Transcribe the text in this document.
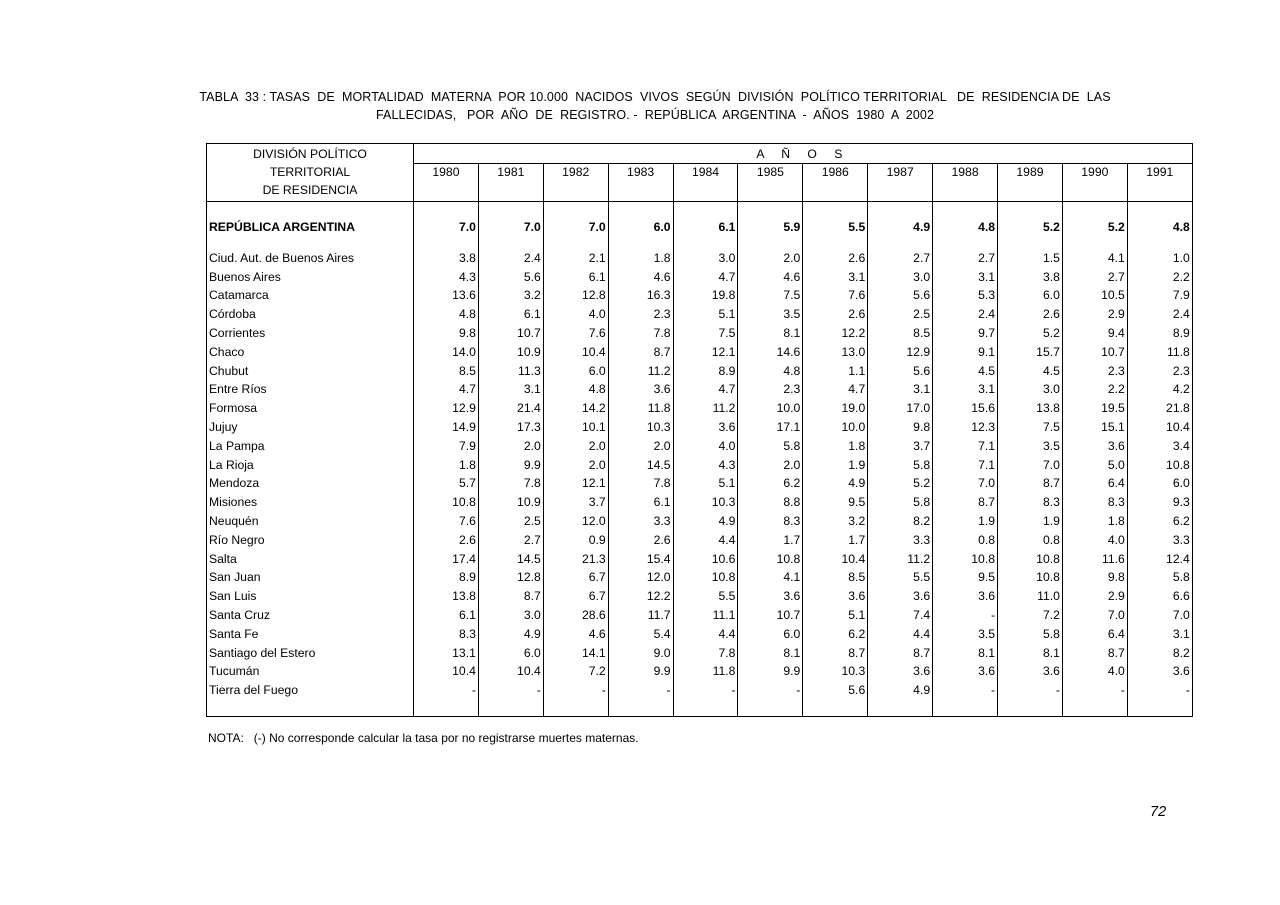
TABLA  33 : TASAS  DE  MORTALIDAD  MATERNA  POR 10.000  NACIDOS  VIVOS  SEGÚN  DIVISIÓN  POLÍTICO TERRITORIAL   DE  RESIDENCIA DE  LAS
FALLECIDAS,   POR  AÑO  DE  REGISTRO. -  REPÚBLICA  ARGENTINA  -  AÑOS  1980  A  2002
DIVISIÓN POLÍTICO
TERRITORIAL
DE RESIDENCIA	A Ñ O S											
	1980	1981	1982	1983	1984	1985	1986	1987	1988	1989	1990	1991
REPÚBLICA ARGENTINA	7.0	7.0	7.0	6.0	6.1	5.9	5.5	4.9	4.8	5.2	5.2	4.8
Ciud. Aut. de Buenos Aires	3.8	2.4	2.1	1.8	3.0	2.0	2.6	2.7	2.7	1.5	4.1	1.0
Buenos Aires	4.3	5.6	6.1	4.6	4.7	4.6	3.1	3.0	3.1	3.8	2.7	2.2
Catamarca	13.6	3.2	12.8	16.3	19.8	7.5	7.6	5.6	5.3	6.0	10.5	7.9
Córdoba	4.8	6.1	4.0	2.3	5.1	3.5	2.6	2.5	2.4	2.6	2.9	2.4
Corrientes	9.8	10.7	7.6	7.8	7.5	8.1	12.2	8.5	9.7	5.2	9.4	8.9
Chaco	14.0	10.9	10.4	8.7	12.1	14.6	13.0	12.9	9.1	15.7	10.7	11.8
Chubut	8.5	11.3	6.0	11.2	8.9	4.8	1.1	5.6	4.5	4.5	2.3	2.3
Entre Ríos	4.7	3.1	4.8	3.6	4.7	2.3	4.7	3.1	3.1	3.0	2.2	4.2
Formosa	12.9	21.4	14.2	11.8	11.2	10.0	19.0	17.0	15.6	13.8	19.5	21.8
Jujuy	14.9	17.3	10.1	10.3	3.6	17.1	10.0	9.8	12.3	7.5	15.1	10.4
La Pampa	7.9	2.0	2.0	2.0	4.0	5.8	1.8	3.7	7.1	3.5	3.6	3.4
La Rioja	1.8	9.9	2.0	14.5	4.3	2.0	1.9	5.8	7.1	7.0	5.0	10.8
Mendoza	5.7	7.8	12.1	7.8	5.1	6.2	4.9	5.2	7.0	8.7	6.4	6.0
Misiones	10.8	10.9	3.7	6.1	10.3	8.8	9.5	5.8	8.7	8.3	8.3	9.3
Neuquén	7.6	2.5	12.0	3.3	4.9	8.3	3.2	8.2	1.9	1.9	1.8	6.2
Río Negro	2.6	2.7	0.9	2.6	4.4	1.7	1.7	3.3	0.8	0.8	4.0	3.3
Salta	17.4	14.5	21.3	15.4	10.6	10.8	10.4	11.2	10.8	10.8	11.6	12.4
San Juan	8.9	12.8	6.7	12.0	10.8	4.1	8.5	5.5	9.5	10.8	9.8	5.8
San Luis	13.8	8.7	6.7	12.2	5.5	3.6	3.6	3.6	3.6	11.0	2.9	6.6
Santa Cruz	6.1	3.0	28.6	11.7	11.1	10.7	5.1	7.4	-	7.2	7.0	7.0
Santa Fe	8.3	4.9	4.6	5.4	4.4	6.0	6.2	4.4	3.5	5.8	6.4	3.1
Santiago del Estero	13.1	6.0	14.1	9.0	7.8	8.1	8.7	8.7	8.1	8.1	8.7	8.2
Tucumán	10.4	10.4	7.2	9.9	11.8	9.9	10.3	3.6	3.6	3.6	4.0	3.6
Tierra del Fuego	-	-	-	-	-	-	5.6	4.9	-	-	-	-

NOTA:   (-) No corresponde calcular la tasa por no registrarse muertes maternas.
72
